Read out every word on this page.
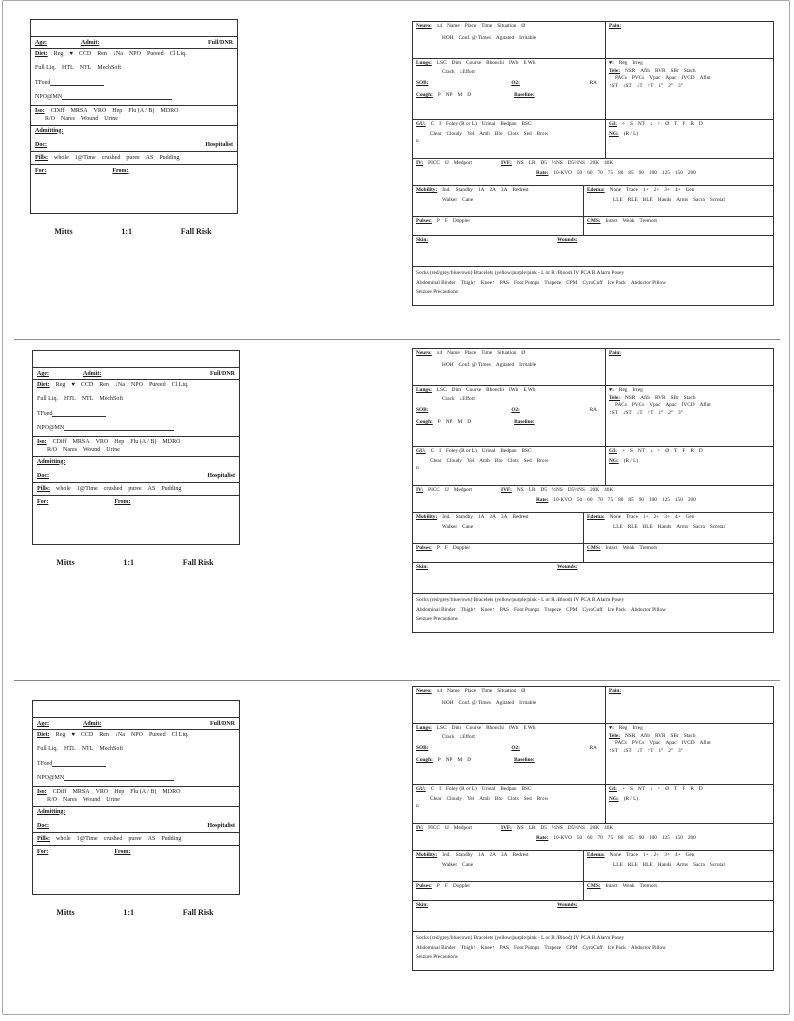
Age:	Admit:	Full/DNR
Diet: Reg ♥ CCD Ren ↓Na NPO Pureed Cl Liq.
Full Liq. HTL NTL MechSoft
TFeed
NPO@MN
Iso: CDiff MRSA VRO Hep Flu (A / B) MDRO
R/O Nares Wound Urine
Admitting:
Doc:	Hospitalist
Pills: whole 1@Time crushed puree AS Pudding
For:	From:
Mitts	1:1	Fall Risk
Neuro: x4 Name Place Time Situation Ø
HOH Conf. @ Times Agitated Irritable
Pain:
Lungs: LSC Dim Course Rhonchi IWh E Wh
Crack ↓Effort
SOB:	O2:	RA
Cough: P NP M D	Baseline:
♥: Reg Irreg
Tele: NSR Afib RVR SBr Stach
PACs PVCs Vpac Apac IVCD Aflut
↑ST ↓ST ↓T ↑T 1° 2° 3°
GU: C I Foley (R or L) Urinal Bedpan BSC
Clear Cloudy Yel Amb Blo Clots Sed Brow
n
GI: + S NT ↓ ↑ Ø T F R D
NG: (R / L)
IV: PICC IJ Medport	IVF: NS LR D5 ½NS D5½NS 20K 40K
Rate: 10-KVO 50 60 70 75 80 85 90 100 125 150 200
Mobility: Ind. Standby 1A 2A 3A Bedrest
Walker Cane
Edema: None Trace 1+ 2+ 3+ 4+ Gen
LLE RLE BLE Hands Arms Sacra Scrotal
Pulses: P F Doppler	CMS: Intact Weak Tremors
Skin:	Wounds:
Socks (red/grey/blue/own) Bracelets (yellow/purple/pink - L or R /Blood) IV PCA B.Alarm Posey
Abdominal Binder Thigh↑ Knee↑ PAS Foot Pumps Trapeze CPM CyroCuff Ice Pack Abductor Pillow
Seizure Precautions
Age:	Admit:	Full/DNR
Diet: Reg ♥ CCD Ren ↓Na NPO Pureed Cl Liq.
Full Liq. HTL NTL MechSoft
TFeed
NPO@MN
Iso: CDiff MRSA VRO Hep Flu (A / B) MDRO
R/O Nares Wound Urine
Admitting:
Doc:	Hospitalist
Pills: whole 1@Time crushed puree AS Pudding
For:	From:
Mitts	1:1	Fall Risk
Neuro: x4 Name Place Time Situation Ø
HOH Conf. @ Times Agitated Irritable
Pain:
Lungs: LSC Dim Course Rhonchi IWh E Wh
Crack ↓Effort
SOB:	O2:	RA
Cough: P NP M D	Baseline:
♥: Reg Irreg
Tele: NSR Afib RVR SBr Stach
PACs PVCs Vpac Apac IVCD Aflut
↑ST ↓ST ↓T ↑T 1° 2° 3°
GU: C I Foley (R or L) Urinal Bedpan BSC
Clear Cloudy Yel Amb Blo Clots Sed Brow
n
GI: + S NT ↓ ↑ Ø T F R D
NG: (R / L)
IV: PICC IJ Medport	IVF: NS LR D5 ½NS D5½NS 20K 40K
Rate: 10-KVO 50 60 70 75 80 85 90 100 125 150 200
Mobility: Ind. Standby 1A 2A 3A Bedrest
Walker Cane
Edema: None Trace 1+ 2+ 3+ 4+ Gen
LLE RLE BLE Hands Arms Sacra Scrotal
Pulses: P F Doppler	CMS: Intact Weak Tremors
Skin:	Wounds:
Socks (red/grey/blue/own) Bracelets (yellow/purple/pink - L or R /Blood) IV PCA B.Alarm Posey
Abdominal Binder Thigh↑ Knee↑ PAS Foot Pumps Trapeze CPM CyroCuff Ice Pack Abductor Pillow
Seizure Precautions
Age:	Admit:	Full/DNR
Diet: Reg ♥ CCD Ren ↓Na NPO Pureed Cl Liq.
Full Liq. HTL NTL MechSoft
TFeed
NPO@MN
Iso: CDiff MRSA VRO Hep Flu (A / B) MDRO
R/O Nares Wound Urine
Admitting:
Doc:	Hospitalist
Pills: whole 1@Time crushed puree AS Pudding
For:	From:
Mitts	1:1	Fall Risk
Neuro: x4 Name Place Time Situation Ø
HOH Conf. @ Times Agitated Irritable
Pain:
Lungs: LSC Dim Course Rhonchi IWh E Wh
Crack ↓Effort
SOB:	O2:	RA
Cough: P NP M D	Baseline:
♥: Reg Irreg
Tele: NSR Afib RVR SBr Stach
PACs PVCs Vpac Apac IVCD Aflut
↑ST ↓ST ↓T ↑T 1° 2° 3°
GU: C I Foley (R or L) Urinal Bedpan BSC
Clear Cloudy Yel Amb Blo Clots Sed Brow
n
GI: + S NT ↓ ↑ Ø T F R D
NG: (R / L)
IV: PICC IJ Medport	IVF: NS LR D5 ½NS D5½NS 20K 40K
Rate: 10-KVO 50 60 70 75 80 85 90 100 125 150 200
Mobility: Ind. Standby 1A 2A 3A Bedrest
Walker Cane
Edema: None Trace 1+ 2+ 3+ 4+ Gen
LLE RLE BLE Hands Arms Sacra Scrotal
Pulses: P F Doppler	CMS: Intact Weak Tremors
Skin:	Wounds:
Socks (red/grey/blue/own) Bracelets (yellow/purple/pink - L or R /Blood) IV PCA B.Alarm Posey
Abdominal Binder Thigh↑ Knee↑ PAS Foot Pumps Trapeze CPM CyroCuff Ice Pack Abductor Pillow
Seizure Precautions
